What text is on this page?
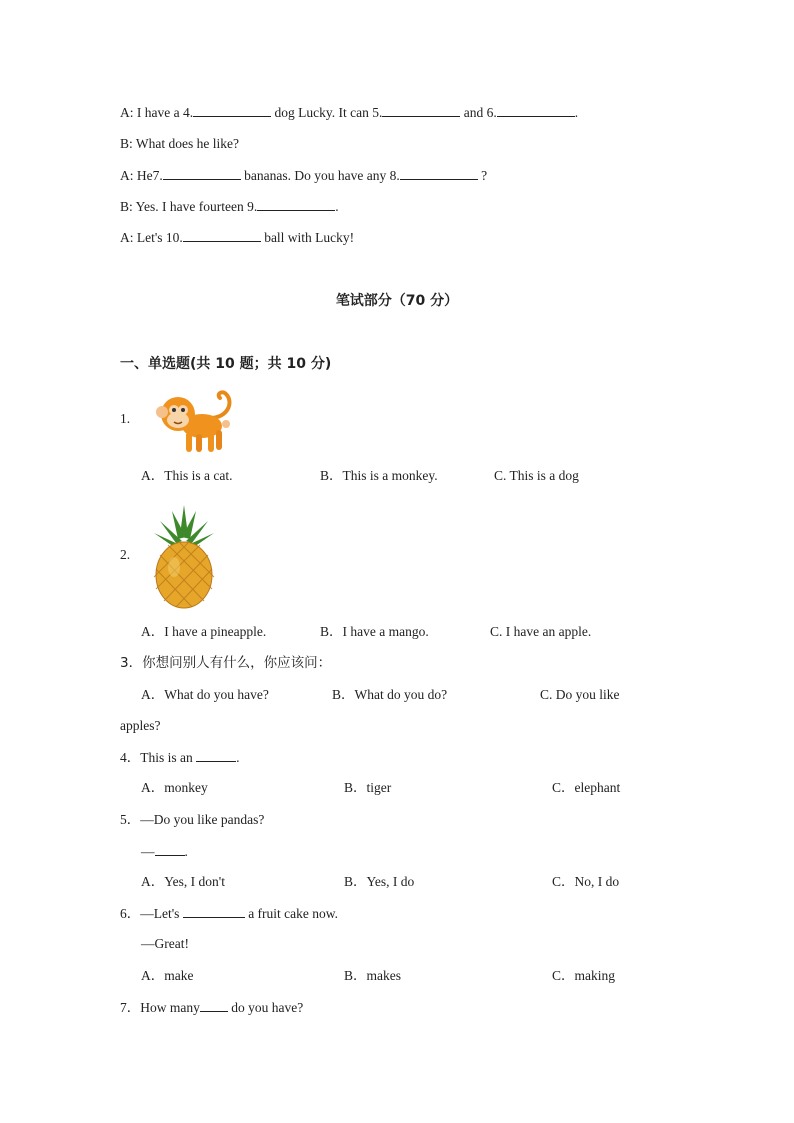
A: I have a 4.	dog Lucky. It can 5.	and 6.	.
B: What does he like?
A: He7.	bananas. Do you have any 8.	?
B: Yes. I have fourteen 9.	.
A: Let's 10.	ball with Lucky!
笔试部分（70 分）
一、单选题(共 10 题；共 10 分)
1.
A．This is a cat.	B．This is a monkey.	C. This is a dog
2.
A．I have a pineapple.	B．I have a mango.	C. I have an apple.
3．你想问别人有什么，你应该问：
A．What do you have?	B．What do you do?	C. Do you like
apples?
4．This is an	.
A．monkey	B．tiger	C．elephant
5．—Do you like pandas?
— .
A．Yes, I don't	B．Yes, I do	C．No, I do
6．—Let's	a fruit cake now.
—Great!
A．make	B．makes	C．making
7．How many do you have?
